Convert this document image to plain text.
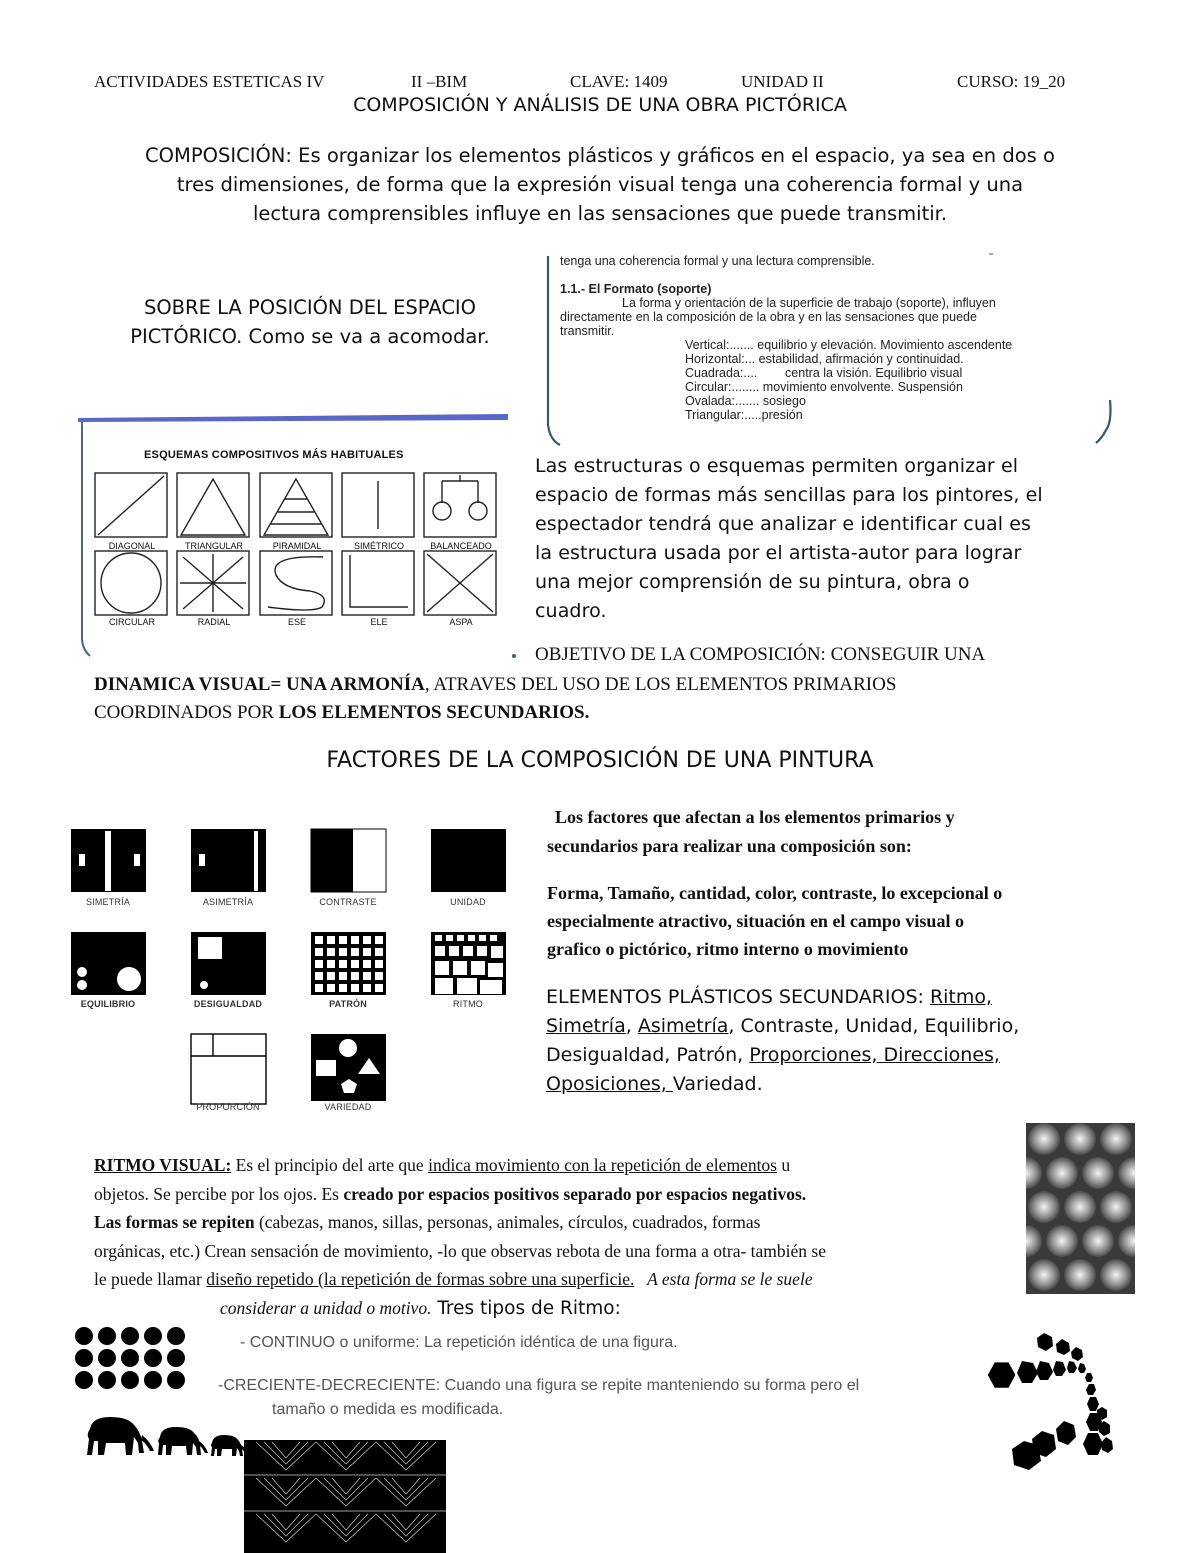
ACTIVIDADES ESTETICAS IV	II –BIM	CLAVE: 1409	UNIDAD II	CURSO: 19_20
COMPOSICIÓN Y ANÁLISIS DE UNA OBRA PICTÓRICA
COMPOSICIÓN: Es organizar los elementos plásticos y gráficos en el espacio, ya sea en dos o
tres dimensiones, de forma que la expresión visual tenga una coherencia formal y una
lectura comprensibles influye en las sensaciones que puede transmitir.
SOBRE LA POSICIÓN DEL ESPACIO
PICTÓRICO. Como se va a acomodar.
tenga una coherencia formal y una lectura comprensible.
1.1.- El Formato (soporte)
La forma y orientación de la superficie de trabajo (soporte), influyen
directamente en la composición de la obra y en las sensaciones que puede
transmitir.
Vertical:....... equilibrio y elevación. Movimiento ascendente
Horizontal:... estabilidad, afirmación y continuidad.
Cuadrada:....        centra la visión. Equilibrio visual
Circular:........ movimiento envolvente. Suspensión
Ovalada:....... sosiego
Triangular:.....presión
ESQUEMAS COMPOSITIVOS MÁS HABITUALES
DIAGONAL	TRIANGULAR	PIRAMIDAL	SIMÉTRICO	BALANCEADO
CIRCULAR	RADIAL	ESE	ELE	ASPA
Las estructuras o esquemas permiten organizar el
espacio de formas más sencillas para los pintores, el
espectador tendrá que analizar e identificar cual es
la estructura usada por el artista-autor para lograr
una mejor comprensión de su pintura, obra o
cuadro.
OBJETIVO DE LA COMPOSICIÓN: CONSEGUIR UNA
DINAMICA VISUAL= UNA ARMONÍA, ATRAVES DEL USO DE LOS ELEMENTOS PRIMARIOS
COORDINADOS POR LOS ELEMENTOS SECUNDARIOS.
FACTORES DE LA COMPOSICIÓN DE UNA PINTURA
SIMETRÍA	ASIMETRÍA	CONTRASTE	UNIDAD
EQUILIBRIO	DESIGUALDAD	PATRÓN	RITMO
PROPORCIÓN	VARIEDAD
Los factores que afectan a los elementos primarios y
secundarios para realizar una composición son:
Forma, Tamaño, cantidad, color, contraste, lo excepcional o
especialmente atractivo, situación en el campo visual o
grafico o pictórico, ritmo interno o movimiento
ELEMENTOS PLÁSTICOS SECUNDARIOS: Ritmo,
Simetría, Asimetría, Contraste, Unidad, Equilibrio,
Desigualdad, Patrón, Proporciones, Direcciones,
Oposiciones, Variedad.
RITMO VISUAL: Es el principio del arte que indica movimiento con la repetición de elementos u
objetos. Se percibe por los ojos. Es creado por espacios positivos separado por espacios negativos.
Las formas se repiten (cabezas, manos, sillas, personas, animales, círculos, cuadrados, formas
orgánicas, etc.) Crean sensación de movimiento, -lo que observas rebota de una forma a otra- también se
le puede llamar diseño repetido (la repetición de formas sobre una superficie.   A esta forma se le suele
considerar a unidad o motivo. Tres tipos de Ritmo:
- CONTINUO o uniforme: La repetición idéntica de una figura.
-CRECIENTE-DECRECIENTE: Cuando una figura se repite manteniendo su forma pero el
tamaño o medida es modificada.
